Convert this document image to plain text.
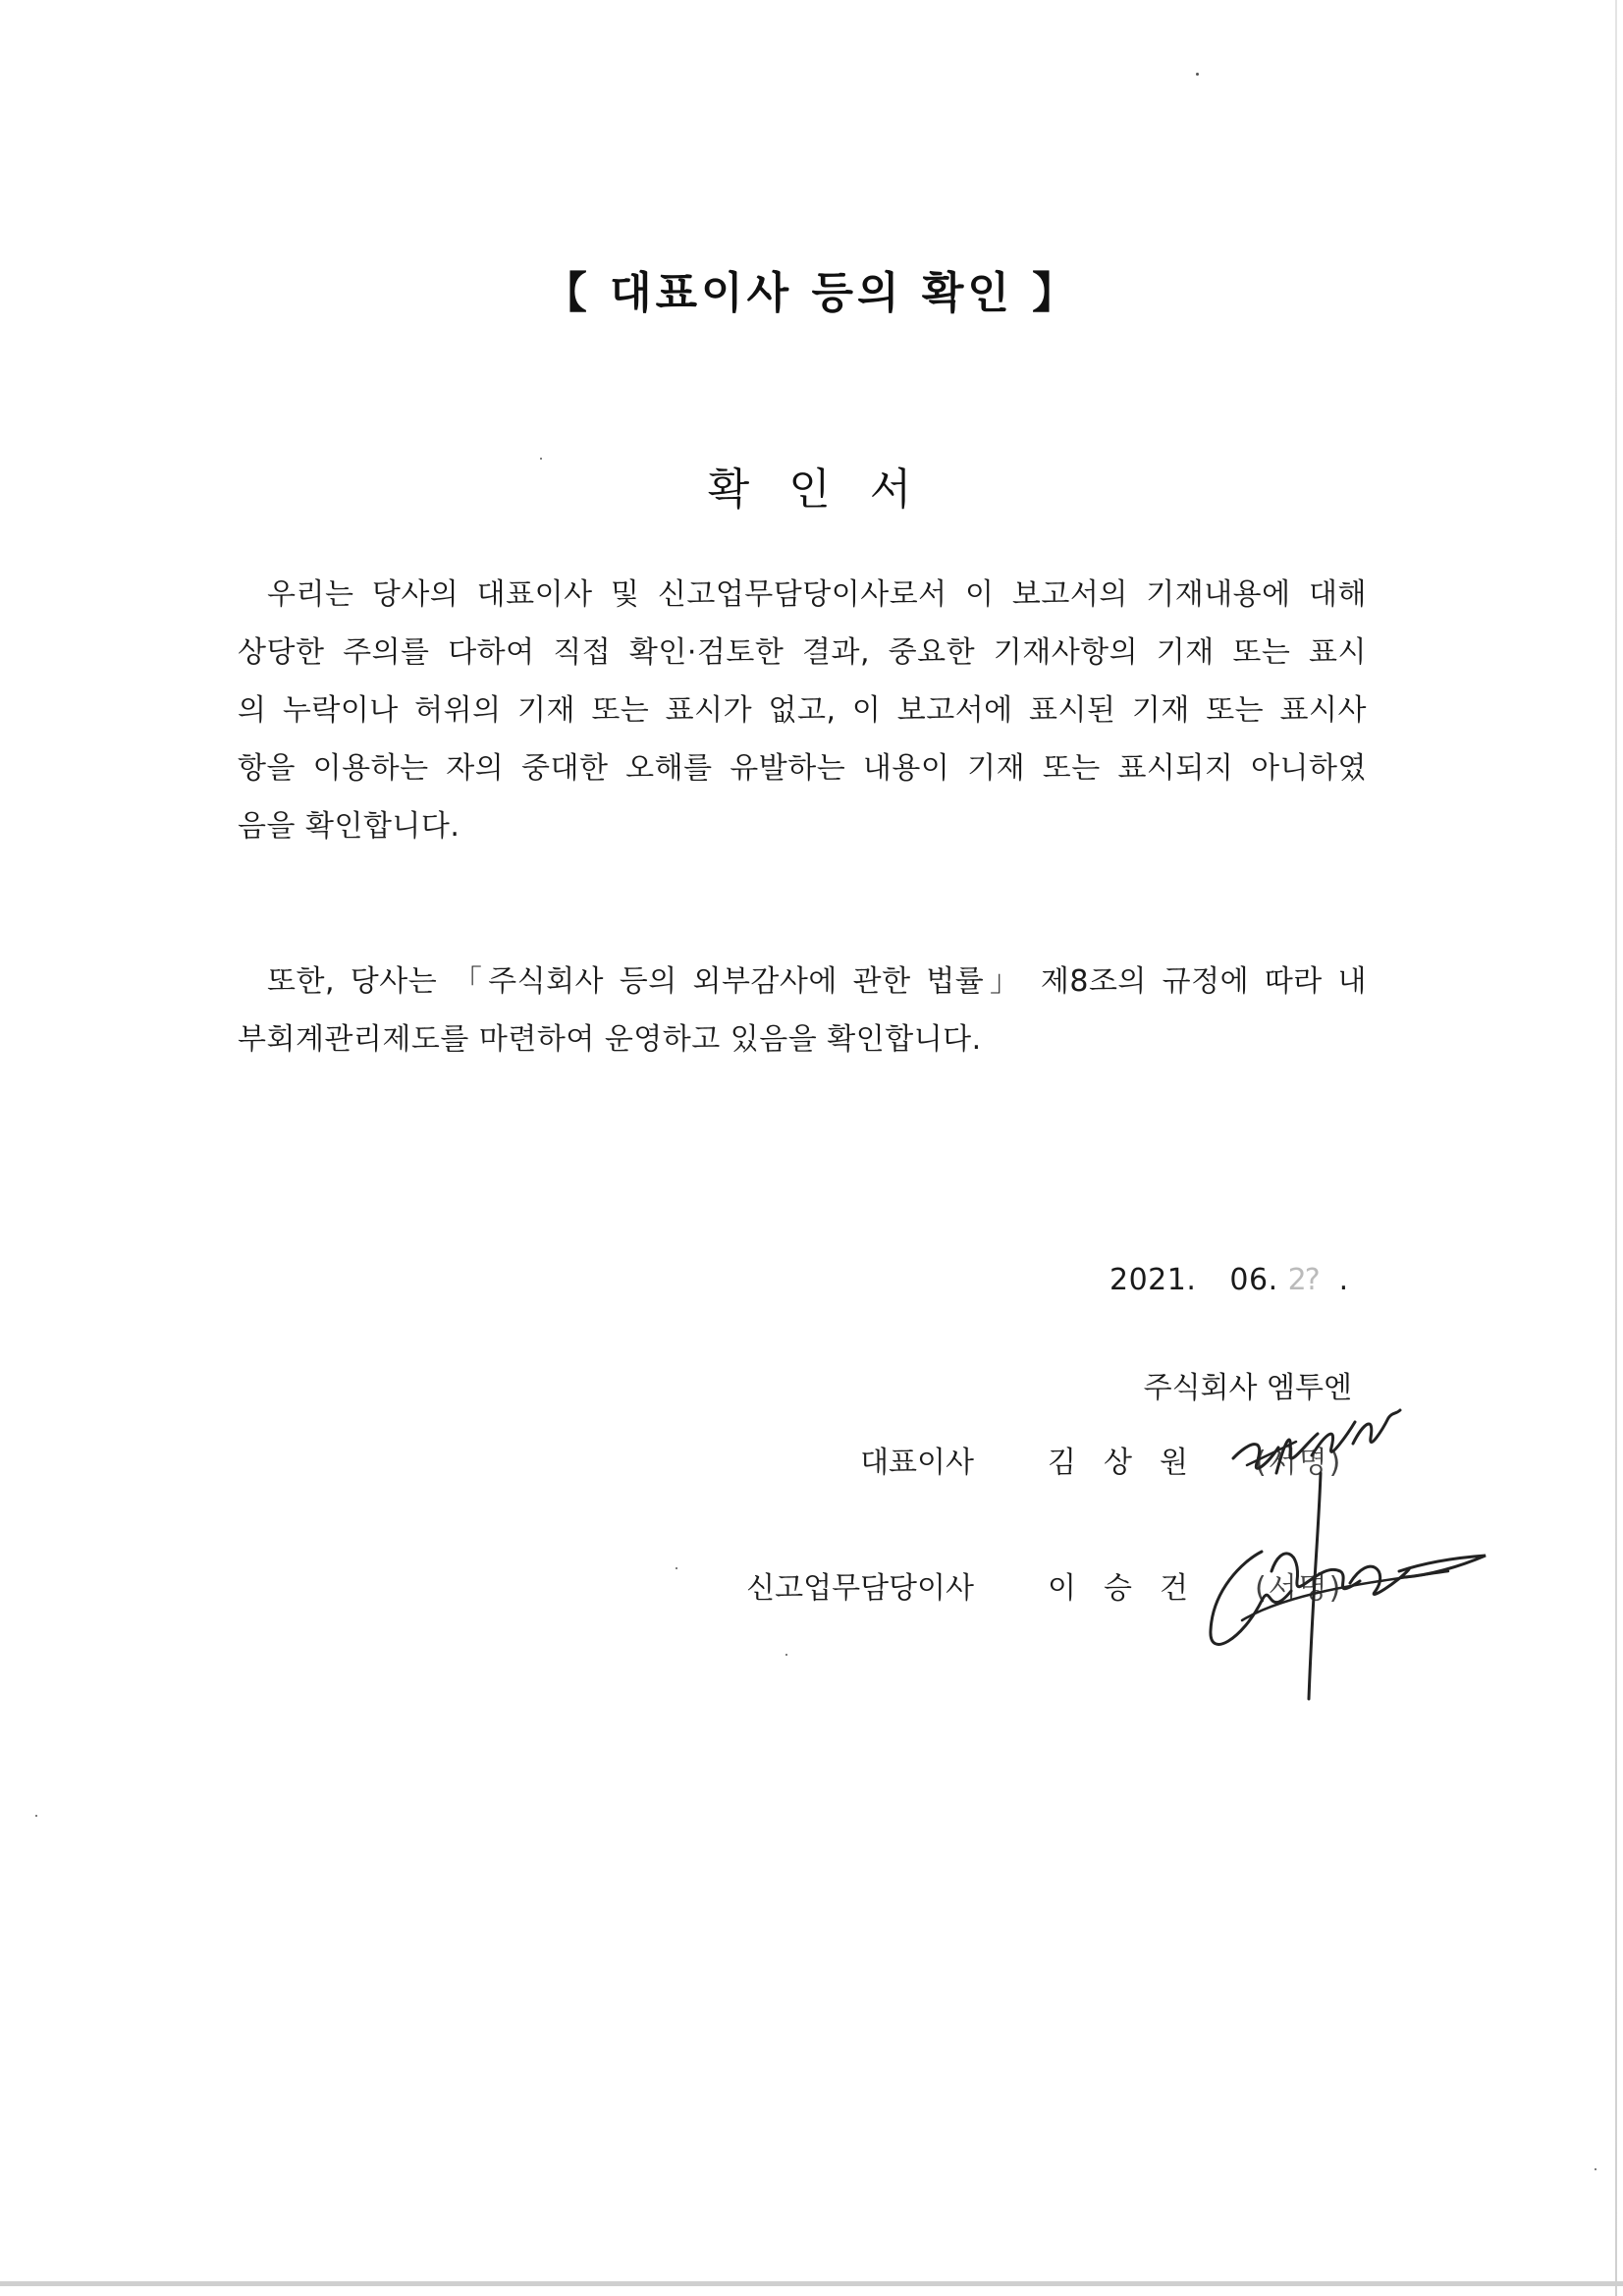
【 대표이사 등의 확인 】
확 인 서
우리는 당사의 대표이사 및 신고업무담당이사로서 이 보고서의 기재내용에 대해
상당한 주의를 다하여 직접 확인·검토한 결과, 중요한 기재사항의 기재 또는 표시
의 누락이나 허위의 기재 또는 표시가 없고, 이 보고서에 표시된 기재 또는 표시사
항을 이용하는 자의 중대한 오해를 유발하는 내용이 기재 또는 표시되지 아니하였
음을 확인합니다.
또한, 당사는 「주식회사 등의 외부감사에 관한 법률」 제8조의 규정에 따라 내
부회계관리제도를 마련하여 운영하고 있음을 확인합니다.
2021. 06. 2? .
주식회사 엠투엔
대표이사	김상원 (서명)
신고업무담당이사	이승건 (서명)
